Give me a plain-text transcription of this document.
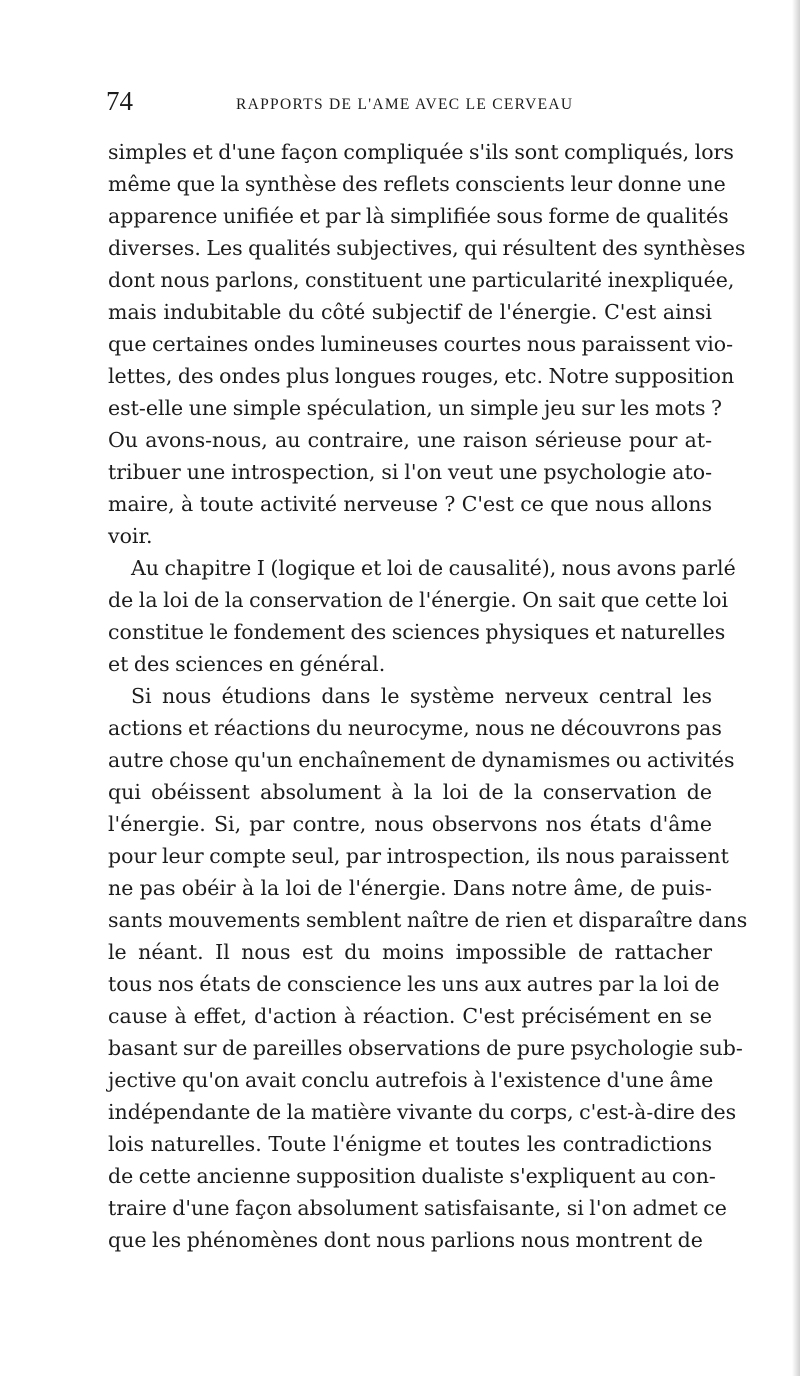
74	RAPPORTS DE L'AME AVEC LE CERVEAU
simples et d'une façon compliquée s'ils sont compliqués, lors
même que la synthèse des reflets conscients leur donne une
apparence unifiée et par là simplifiée sous forme de qualités
diverses. Les qualités subjectives, qui résultent des synthèses
dont nous parlons, constituent une particularité inexpliquée,
mais indubitable du côté subjectif de l'énergie. C'est ainsi
que certaines ondes lumineuses courtes nous paraissent vio-
lettes, des ondes plus longues rouges, etc. Notre supposition
est-elle une simple spéculation, un simple jeu sur les mots ?
Ou avons-nous, au contraire, une raison sérieuse pour at-
tribuer une introspection, si l'on veut une psychologie ato-
maire, à toute activité nerveuse ? C'est ce que nous allons
voir.
Au chapitre I (logique et loi de causalité), nous avons parlé
de la loi de la conservation de l'énergie. On sait que cette loi
constitue le fondement des sciences physiques et naturelles
et des sciences en général.
Si nous étudions dans le système nerveux central les
actions et réactions du neurocyme, nous ne découvrons pas
autre chose qu'un enchaînement de dynamismes ou activités
qui obéissent absolument à la loi de la conservation de
l'énergie. Si, par contre, nous observons nos états d'âme
pour leur compte seul, par introspection, ils nous paraissent
ne pas obéir à la loi de l'énergie. Dans notre âme, de puis-
sants mouvements semblent naître de rien et disparaître dans
le néant. Il nous est du moins impossible de rattacher
tous nos états de conscience les uns aux autres par la loi de
cause à effet, d'action à réaction. C'est précisément en se
basant sur de pareilles observations de pure psychologie sub-
jective qu'on avait conclu autrefois à l'existence d'une âme
indépendante de la matière vivante du corps, c'est-à-dire des
lois naturelles. Toute l'énigme et toutes les contradictions
de cette ancienne supposition dualiste s'expliquent au con-
traire d'une façon absolument satisfaisante, si l'on admet ce
que les phénomènes dont nous parlions nous montrent de
